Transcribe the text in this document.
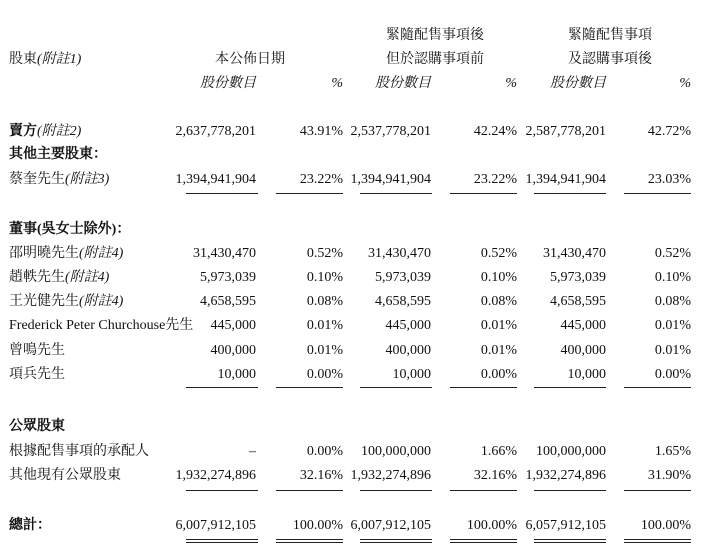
股東(附註1)	本公佈日期
緊隨配售事項後
但於認購事項前
緊隨配售事項
及認購事項後
股份數目	%	股份數目	%	股份數目	%
賣方(附註2)	2,637,778,201	43.91% 2,537,778,201	42.24% 2,587,778,201	42.72%
其他主要股東：
蔡奎先生(附註3)	1,394,941,904	23.22% 1,394,941,904	23.22% 1,394,941,904	23.03%
董事(吳女士除外)：
邵明曉先生(附註4)	31,430,470	0.52%	31,430,470	0.52%	31,430,470	0.52%
趙軼先生(附註4)	5,973,039	0.10%	5,973,039	0.10%	5,973,039	0.10%
王光健先生(附註4)	4,658,595	0.08%	4,658,595	0.08%	4,658,595	0.08%
Frederick Peter Churchouse先生	445,000	0.01%	445,000	0.01%	445,000	0.01%
曾鳴先生	400,000	0.01%	400,000	0.01%	400,000	0.01%
項兵先生	10,000	0.00%	10,000	0.00%	10,000	0.00%
公眾股東
根據配售事項的承配人	–	0.00%	100,000,000	1.66%	100,000,000	1.65%
其他現有公眾股東	1,932,274,896	32.16% 1,932,274,896	32.16% 1,932,274,896	31.90%
總計：	6,007,912,105	100.00% 6,007,912,105	100.00% 6,057,912,105	100.00%
